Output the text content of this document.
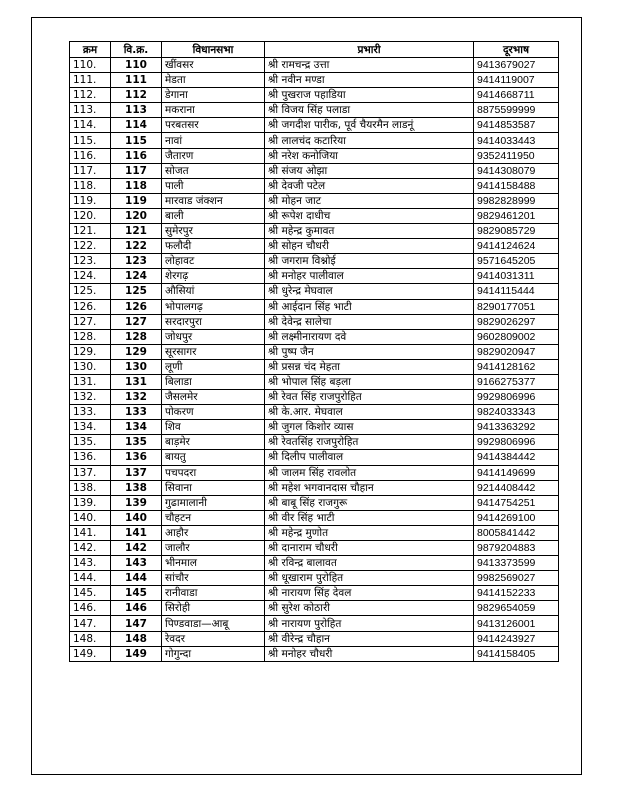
क्रम	वि.क्र.	विधानसभा	प्रभारी	दूरभाष
110.	110	खींवसर	श्री रामचन्द्र उत्ता	9413679027
111.	111	मेडता	श्री नवीन मण्डा	9414119007
112.	112	डेगाना	श्री पुखराज पहाडिया	9414668711
113.	113	मकराना	श्री विजय सिंह पलाडा	8875599999
114.	114	परबतसर	श्री जगदीश पारीक, पूर्व चैयरमैन लाडनूं	9414853587
115.	115	नावां	श्री लालचंद कटारिया	9414033443
116.	116	जैतारण	श्री नरेश कनोजिया	9352411950
117.	117	सोजत	श्री संजय ओझा	9414308079
118.	118	पाली	श्री देवजी पटेल	9414158488
119.	119	मारवाड जंक्शन	श्री मोहन जाट	9982828999
120.	120	बाली	श्री रूपेश दाधीच	9829461201
121.	121	सुमेरपुर	श्री महेन्द्र कुमावत	9829085729
122.	122	फलौदी	श्री सोहन चौधरी	9414124624
123.	123	लोहावट	श्री जगराम विश्नोई	9571645205
124.	124	शेरगढ़	श्री मनोहर पालीवाल	9414031311
125.	125	औसियां	श्री धुरेन्द्र मेघवाल	9414115444
126.	126	भोपालगढ़	श्री आईदान सिंह भाटी	8290177051
127.	127	सरदारपुरा	श्री देवेन्द्र सालेचा	9829026297
128.	128	जोधपुर	श्री लक्ष्मीनारायण दवे	9602809002
129.	129	सूरसागर	श्री पुष्प जैन	9829020947
130.	130	लूणी	श्री प्रसन्न चंद मेहता	9414128162
131.	131	बिलाडा	श्री भोपाल सिंह बड़ला	9166275377
132.	132	जैसलमेर	श्री रेवत सिंह राजपुरोहित	9929806996
133.	133	पोकरण	श्री के.आर. मेघवाल	9824033343
134.	134	शिव	श्री जुगल किशोर व्यास	9413363292
135.	135	बाड़मेर	श्री रेवतसिंह राजपुरोहित	9929806996
136.	136	बायतु	श्री दिलीप पालीवाल	9414384442
137.	137	पचपदरा	श्री जालम सिंह रावलोत	9414149699
138.	138	सिवाना	श्री महेश भगवानदास चौहान	9214408442
139.	139	गुढामालानी	श्री बाबू सिंह राजगुरू	9414754251
140.	140	चौहटन	श्री वीर सिंह भाटी	9414269100
141.	141	आहौर	श्री महेन्द्र मुणोत	8005841442
142.	142	जालौर	श्री दानाराम चौधरी	9879204883
143.	143	भीनमाल	श्री रविन्द्र बालावत	9413373599
144.	144	सांचौर	श्री धूखाराम पुरोहित	9982569027
145.	145	रानीवाडा	श्री नारायण सिंह देवल	9414152233
146.	146	सिरोही	श्री सुरेश कोठारी	9829654059
147.	147	पिण्डवाडा—आबू	श्री नारायण पुरोहित	9413126001
148.	148	रेवदर	श्री वीरेन्द्र चौहान	9414243927
149.	149	गोगुन्दा	श्री मनोहर चौधरी	9414158405
